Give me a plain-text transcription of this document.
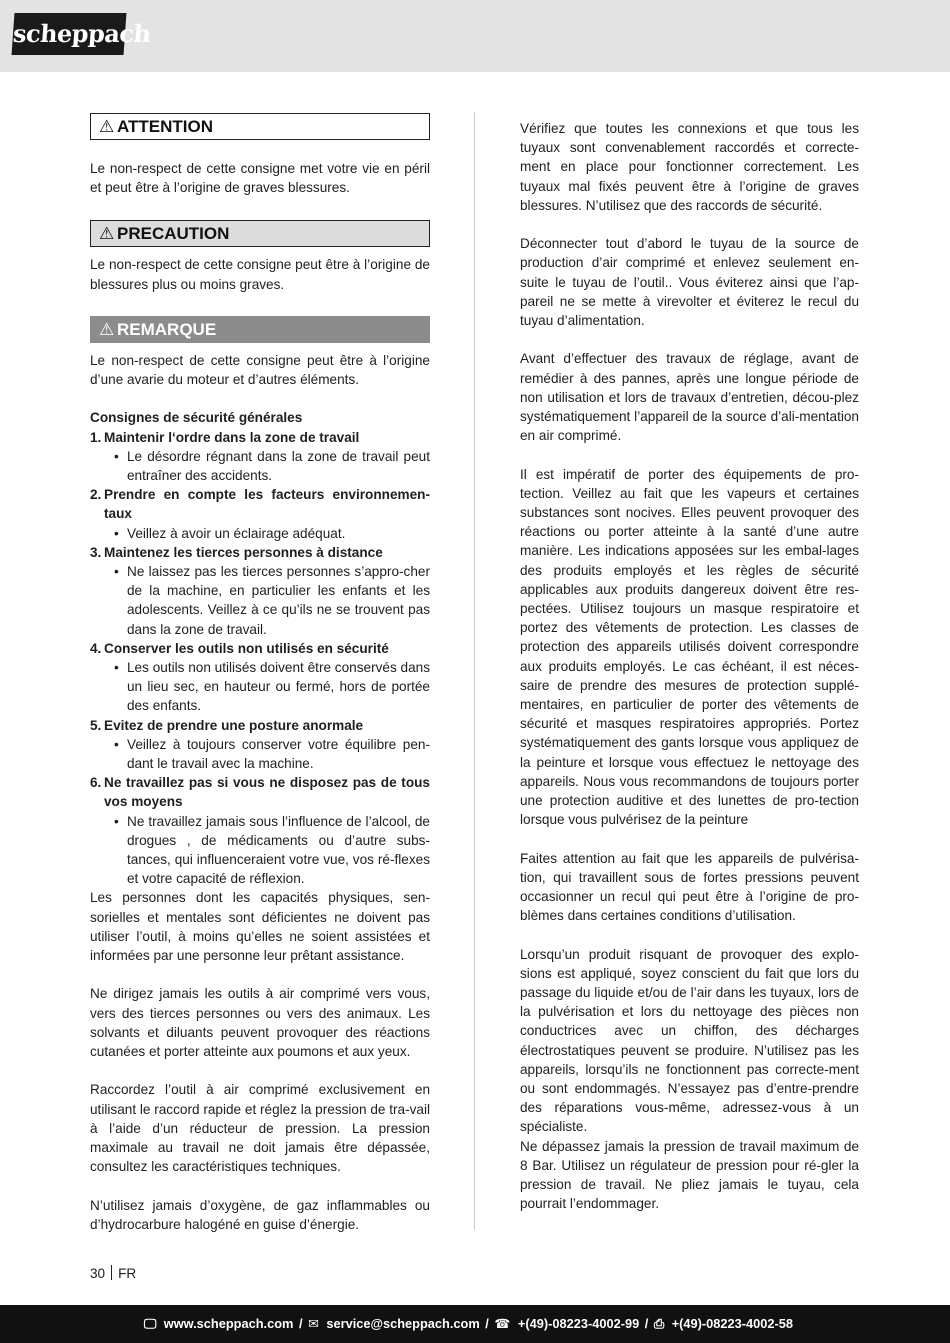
scheppach
⚠ ATTENTION
Le non-respect de cette consigne met votre vie en péril et peut être à l’origine de graves blessures.
⚠ PRECAUTION
Le non-respect de cette consigne peut être à l’origine de blessures plus ou moins graves.
⚠ REMARQUE
Le non-respect de cette consigne peut être à l’origine d’une avarie du moteur et d’autres éléments.
Consignes de sécurité générales
1. Maintenir l‘ordre dans la zone de travail
• Le désordre régnant dans la zone de travail peut entraîner des accidents.
2. Prendre en compte les facteurs environnemen-taux
• Veillez à avoir un éclairage adéquat.
3. Maintenez les tierces personnes à distance
• Ne laissez pas les tierces personnes s’appro-cher de la machine, en particulier les enfants et les adolescents. Veillez à ce qu’ils ne se trouvent pas dans la zone de travail.
4. Conserver les outils non utilisés en sécurité
• Les outils non utilisés doivent être conservés dans un lieu sec, en hauteur ou fermé, hors de portée des enfants.
5. Evitez de prendre une posture anormale
• Veillez à toujours conserver votre équilibre pen-dant le travail avec la machine.
6. Ne travaillez pas si vous ne disposez pas de tous vos moyens
• Ne travaillez jamais sous l’influence de l’alcool, de drogues , de médicaments ou d’autre subs-tances, qui influenceraient votre vue, vos ré-flexes et votre capacité de réflexion.
Les personnes dont les capacités physiques, sen-sorielles et mentales sont déficientes ne doivent pas utiliser l’outil, à moins qu’elles ne soient assistées et informées par une personne leur prêtant assistance.
Ne dirigez jamais les outils à air comprimé vers vous, vers des tierces personnes ou vers des animaux. Les solvants et diluants peuvent provoquer des réactions cutanées et porter atteinte aux poumons et aux yeux.
Raccordez l’outil à air comprimé exclusivement en utilisant le raccord rapide et réglez la pression de tra-vail à l’aide d’un réducteur de pression. La pression maximale au travail ne doit jamais être dépassée, consultez les caractéristiques techniques.
N’utilisez jamais d’oxygène, de gaz inflammables ou d’hydrocarbure halogéné en guise d’énergie.
Vérifiez que toutes les connexions et que tous les tuyaux sont convenablement raccordés et correcte-ment en place pour fonctionner correctement. Les tuyaux mal fixés peuvent être à l’origine de graves blessures. N’utilisez que des raccords de sécurité.
Déconnecter tout d’abord le tuyau de la source de production d’air comprimé et enlevez seulement en-suite le tuyau de l’outil.. Vous éviterez ainsi que l’ap-pareil ne se mette à virevolter et éviterez le recul du tuyau d’alimentation.
Avant d’effectuer des travaux de réglage, avant de remédier à des pannes, après une longue période de non utilisation et lors de travaux d’entretien, décou-plez systématiquement l’appareil de la source d’ali-mentation en air comprimé.
Il est impératif de porter des équipements de pro-tection. Veillez au fait que les vapeurs et certaines substances sont nocives. Elles peuvent provoquer des réactions ou porter atteinte à la santé d’une autre manière. Les indications apposées sur les embal-lages des produits employés et les règles de sécurité applicables aux produits dangereux doivent être res-pectées. Utilisez toujours un masque respiratoire et portez des vêtements de protection. Les classes de protection des appareils utilisés doivent correspondre aux produits employés. Le cas échéant, il est néces-saire de prendre des mesures de protection supplé-mentaires, en particulier de porter des vêtements de sécurité et masques respiratoires appropriés. Portez systématiquement des gants lorsque vous appliquez de la peinture et lorsque vous effectuez le nettoyage des appareils. Nous vous recommandons de toujours porter une protection auditive et des lunettes de pro-tection lorsque vous pulvérisez de la peinture
Faites attention au fait que les appareils de pulvérisa-tion, qui travaillent sous de fortes pressions peuvent occasionner un recul qui peut être à l’origine de pro-blèmes dans certaines conditions d’utilisation.
Lorsqu’un produit risquant de provoquer des explo-sions est appliqué, soyez conscient du fait que lors du passage du liquide et/ou de l’air dans les tuyaux, lors de la pulvérisation et lors du nettoyage des pièces non conductrices avec un chiffon, des décharges électrostatiques peuvent se produire. N’utilisez pas les appareils, lorsqu’ils ne fonctionnent pas correcte-ment ou sont endommagés. N’essayez pas d’entre-prendre des réparations vous-même, adressez-vous à un spécialiste.
Ne dépassez jamais la pression de travail maximum de 8 Bar. Utilisez un régulateur de pression pour ré-gler la pression de travail. Ne pliez jamais le tuyau, cela pourrait l’endommager.
30 FR
🖵 www.scheppach.com / ✉ service@scheppach.com / ☎ +(49)-08223-4002-99 / ⎙ +(49)-08223-4002-58
